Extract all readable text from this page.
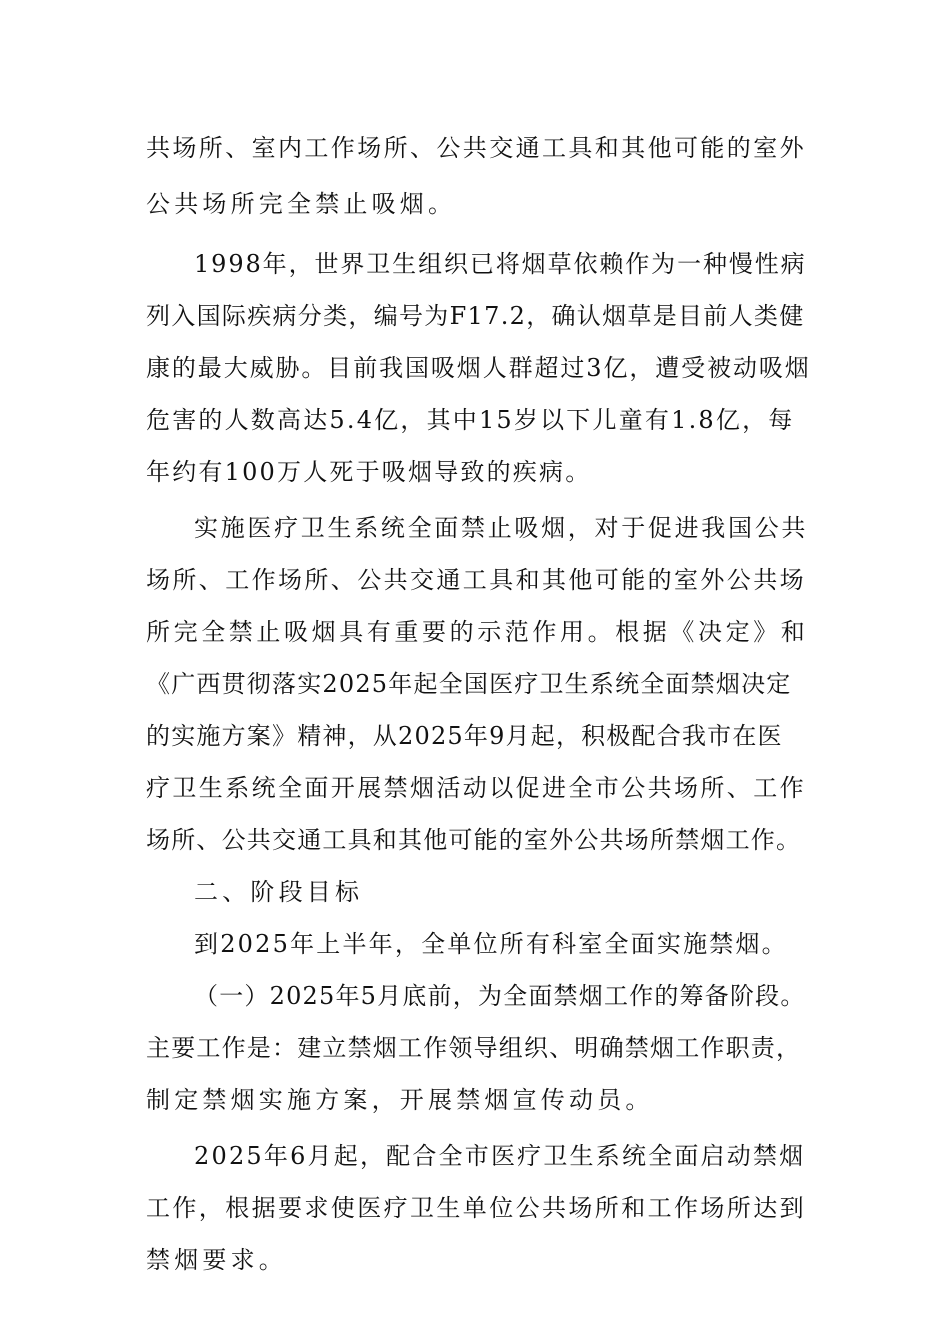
共场所、室内工作场所、公共交通工具和其他可能的室外
公共场所完全禁止吸烟。
1998年，世界卫生组织已将烟草依赖作为一种慢性病
列入国际疾病分类，编号为F17.2，确认烟草是目前人类健
康的最大威胁。目前我国吸烟人群超过3亿，遭受被动吸烟
危害的人数高达5.4亿，其中15岁以下儿童有1.8亿，每
年约有100万人死于吸烟导致的疾病。
实施医疗卫生系统全面禁止吸烟，对于促进我国公共
场所、工作场所、公共交通工具和其他可能的室外公共场
所完全禁止吸烟具有重要的示范作用。根据《决定》和
《广西贯彻落实2025年起全国医疗卫生系统全面禁烟决定
的实施方案》精神，从2025年9月起，积极配合我市在医
疗卫生系统全面开展禁烟活动以促进全市公共场所、工作
场所、公共交通工具和其他可能的室外公共场所禁烟工作。
二、阶段目标
到2025年上半年，全单位所有科室全面实施禁烟。
（一）2025年5月底前，为全面禁烟工作的筹备阶段。
主要工作是：建立禁烟工作领导组织、明确禁烟工作职责，
制定禁烟实施方案，开展禁烟宣传动员。
2025年6月起，配合全市医疗卫生系统全面启动禁烟
工作，根据要求使医疗卫生单位公共场所和工作场所达到
禁烟要求。
